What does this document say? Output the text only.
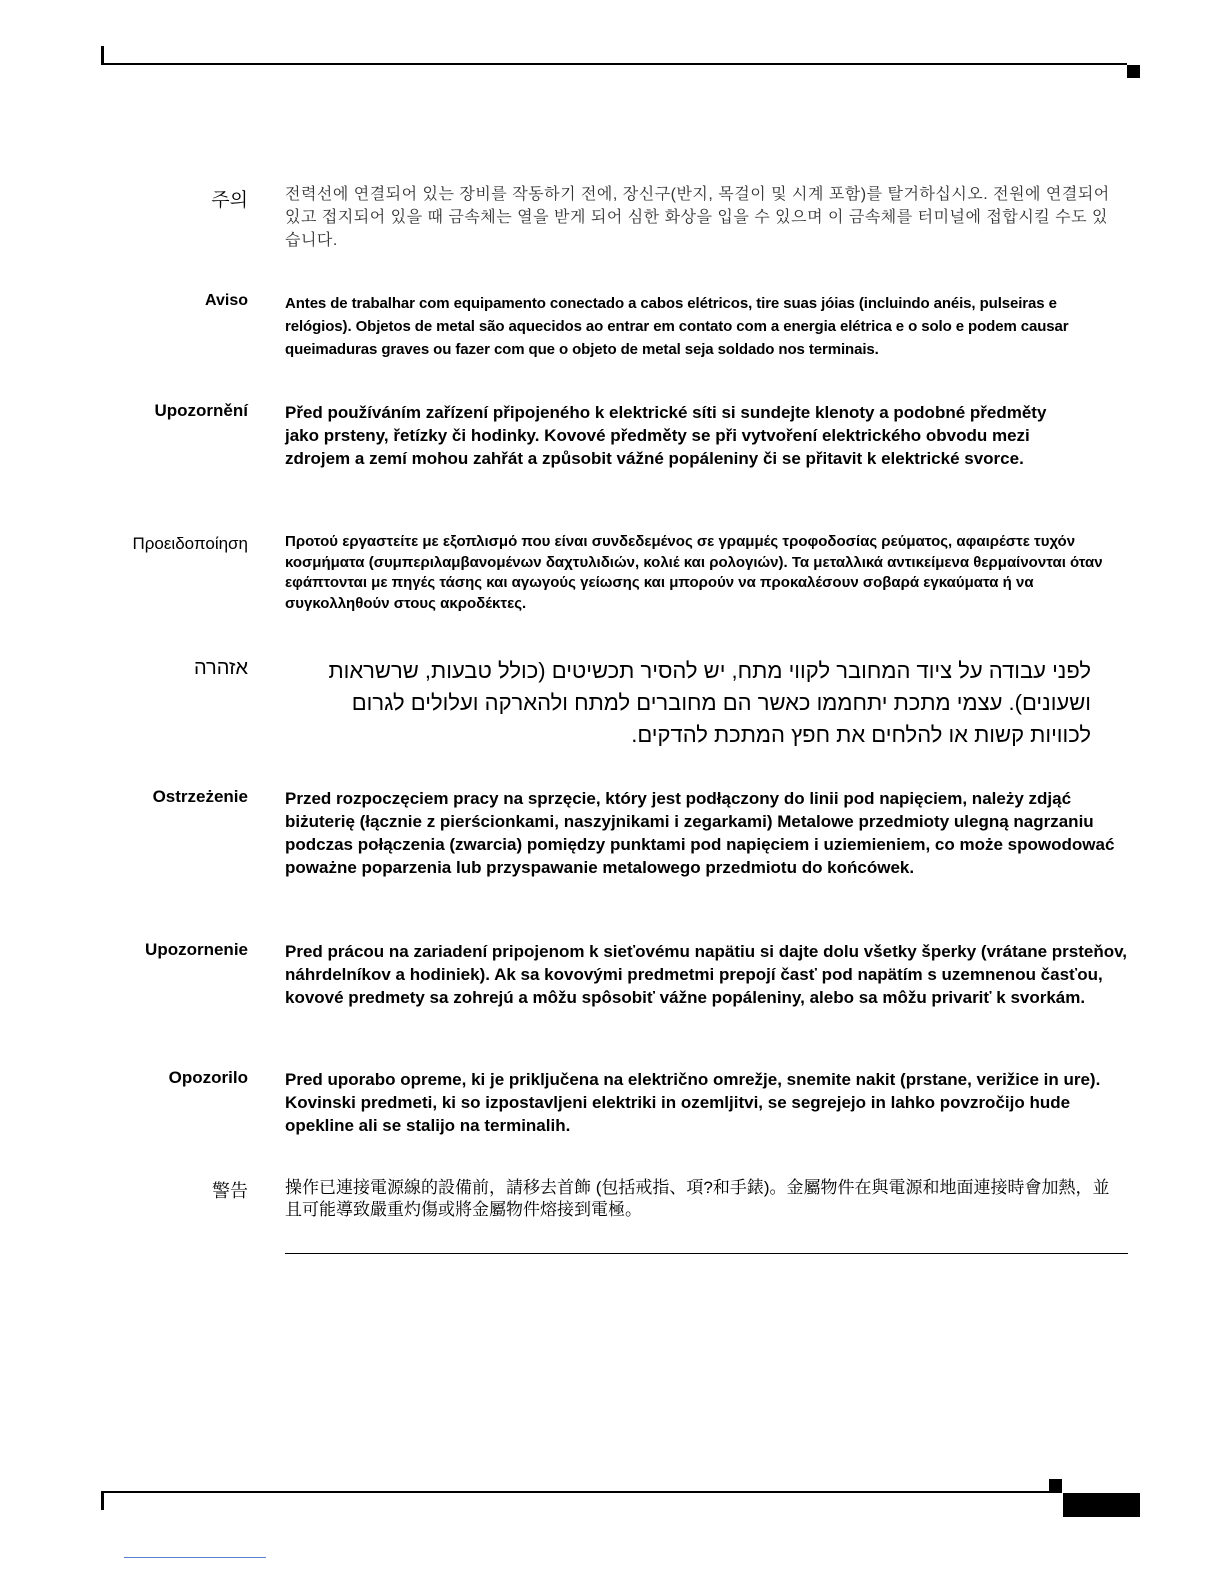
주의 전력선에 연결되어 있는 장비를 작동하기 전에, 장신구(반지, 목걸이 및 시계 포함)를 탈거하십시오. 전원에 연결되어 있고 접지되어 있을 때 금속체는 열을 받게 되어 심한 화상을 입을 수 있으며 이 금속체를 터미널에 접합시킬 수도 있습니다.

Aviso Antes de trabalhar com equipamento conectado a cabos elétricos, tire suas jóias (incluindo anéis, pulseiras e relógios). Objetos de metal são aquecidos ao entrar em contato com a energia elétrica e o solo e podem causar queimaduras graves ou fazer com que o objeto de metal seja soldado nos terminais.

Upozornění Před používáním zařízení připojeného k elektrické síti si sundejte klenoty a podobné předměty jako prsteny, řetízky či hodinky. Kovové předměty se při vytvoření elektrického obvodu mezi zdrojem a zemí mohou zahřát a způsobit vážné popáleniny či se přitavit k elektrické svorce.

Προειδοποίηση Προτού εργαστείτε με εξοπλισμό που είναι συνδεδεμένος σε γραμμές τροφοδοσίας ρεύματος, αφαιρέστε τυχόν κοσμήματα (συμπεριλαμβανομένων δαχτυλιδιών, κολιέ και ρολογιών). Τα μεταλλικά αντικείμενα θερμαίνονται όταν εφάπτονται με πηγές τάσης και αγωγούς γείωσης και μπορούν να προκαλέσουν σοβαρά εγκαύματα ή να συγκολληθούν στους ακροδέκτες.

אזהרה	לפני עבודה על ציוד המחובר לקווי מתח, יש להסיר תכשיטים (כולל טבעות, שרשראות ושעונים). עצמי מתכת יתחממו כאשר הם מחוברים למתח ולהארקה ועלולים לגרום לכוויות קשות או להלחים את חפץ המתכת להדקים.

Ostrzeżenie Przed rozpoczęciem pracy na sprzęcie, który jest podłączony do linii pod napięciem, należy zdjąć biżuterię (łącznie z pierścionkami, naszyjnikami i zegarkami) Metalowe przedmioty ulegną nagrzaniu podczas połączenia (zwarcia) pomiędzy punktami pod napięciem i uziemieniem, co może spowodować poważne poparzenia lub przyspawanie metalowego przedmiotu do końcówek.

Upozornenie Pred prácou na zariadení pripojenom k sieťovému napätiu si dajte dolu všetky šperky (vrátane prsteňov, náhrdelníkov a hodiniek). Ak sa kovovými predmetmi prepojí časť pod napätím s uzemnenou časťou, kovové predmety sa zohrejú a môžu spôsobiť vážne popáleniny, alebo sa môžu privariť k svorkám.

Opozorilo Pred uporabo opreme, ki je priključena na električno omrežje, snemite nakit (prstane, verižice in ure). Kovinski predmeti, ki so izpostavljeni elektriki in ozemljitvi, se segrejejo in lahko povzročijo hude opekline ali se stalijo na terminalih.

警告 操作已連接電源線的設備前，請移去首飾 (包括戒指、項?和手錶)。金屬物件在與電源和地面連接時會加熱，並且可能導致嚴重灼傷或將金屬物件熔接到電極。
